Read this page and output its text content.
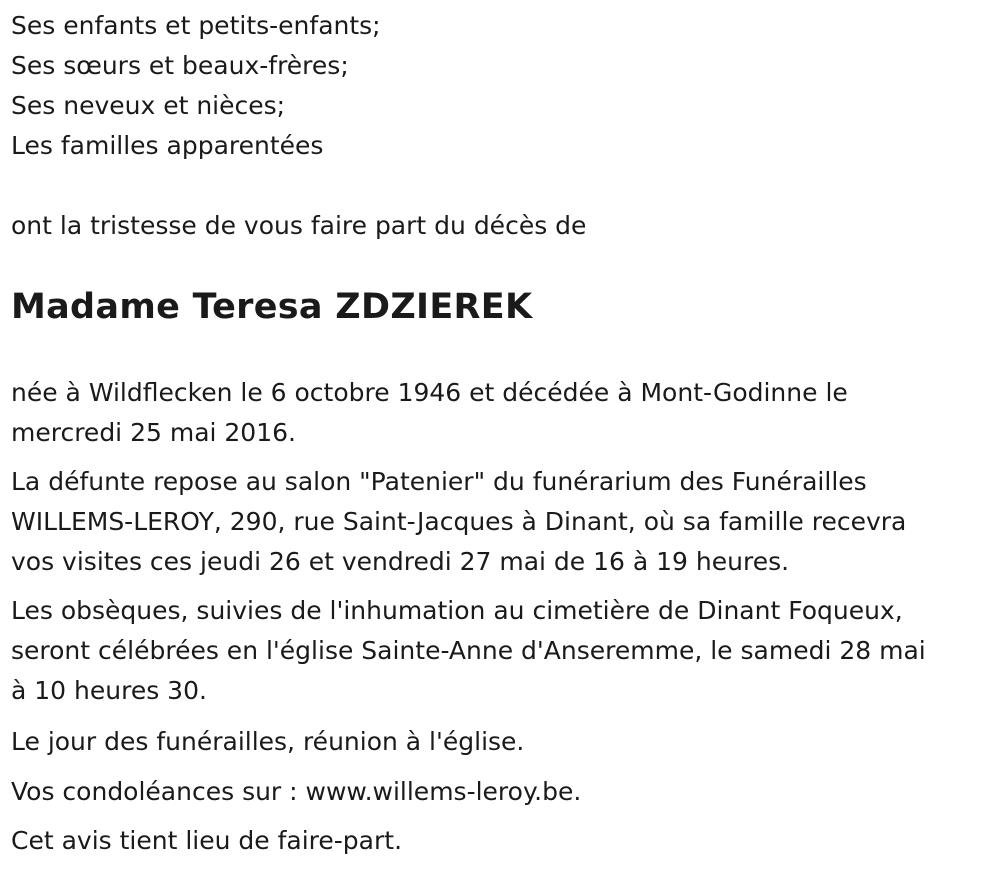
Ses enfants et petits-enfants;

Ses sœurs et beaux-frères;

Ses neveux et nièces;

Les familles apparentées

ont la tristesse de vous faire part du décès de

Madame Teresa ZDZIEREK

née à Wildflecken le 6 octobre 1946 et décédée à Mont-Godinne le

mercredi 25 mai 2016.

La défunte repose au salon "Patenier" du funérarium des Funérailles

WILLEMS-LEROY, 290, rue Saint-Jacques à Dinant, où sa famille recevra

vos visites ces jeudi 26 et vendredi 27 mai de 16 à 19 heures.

Les obsèques, suivies de l'inhumation au cimetière de Dinant Foqueux,

seront célébrées en l'église Sainte-Anne d'Anseremme, le samedi 28 mai

à 10 heures 30.

Le jour des funérailles, réunion à l'église.

Vos condoléances sur : www.willems-leroy.be.

Cet avis tient lieu de faire-part.
